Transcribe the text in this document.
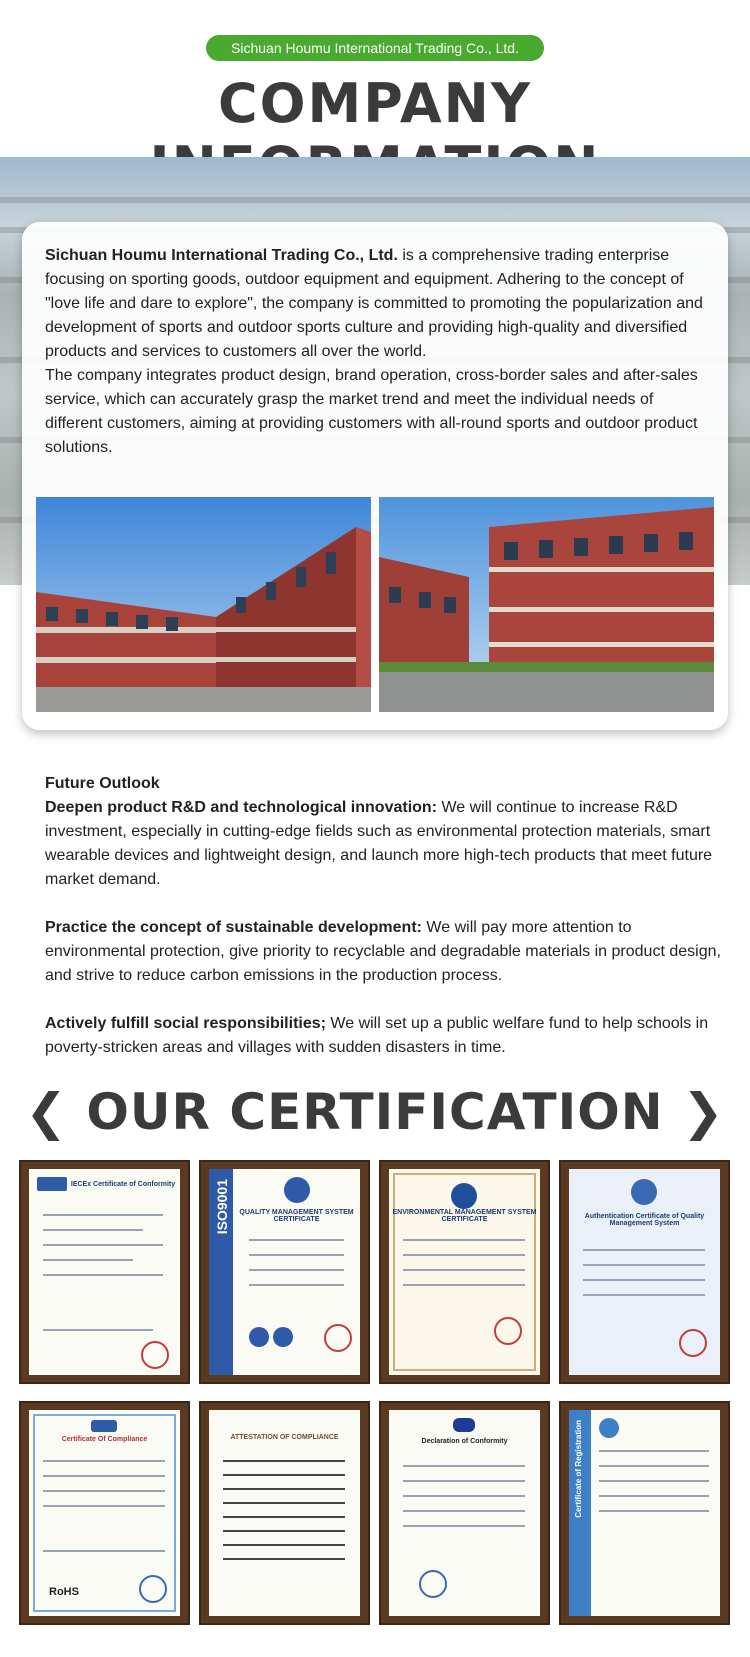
Sichuan Houmu International Trading Co., Ltd.
COMPANY

Sichuan Houmu International Trading Co., Ltd. is a comprehensive trading enterprise focusing on sporting goods, outdoor equipment and equipment. Adhering to the concept of "love life and dare to explore", the company is committed to promoting the popularization and development of sports and outdoor sports culture and providing high-quality and diversified products and services to customers all over the world.

The company integrates product design, brand operation, cross-border sales and after-sales service, which can accurately grasp the market trend and meet the individual needs of different customers, aiming at providing customers with all-round sports and outdoor product solutions.

Future Outlook

Deepen product R&D and technological innovation: We will continue to increase R&D investment, especially in cutting-edge fields such as environmental protection materials, smart wearable devices and lightweight design, and launch more high-tech products that meet future market demand.

Practice the concept of sustainable development: We will pay more attention to environmental protection, give priority to recyclable and degradable materials in product design, and strive to reduce carbon emissions in the production process.

Actively fulfill social responsibilities; We will set up a public welfare fund to help schools in poverty-stricken areas and villages with sudden disasters in time.

❮ OUR CERTIFICATION ❯
IECEx Certificate of Conformity	ISO9001	QUALITY MANAGEMENT SYSTEM CERTIFICATE
ENVIRONMENTAL MANAGEMENT SYSTEM CERTIFICATE	Authentication Certificate of Quality Management System
Certificate Of Compliance
RoHS
ATTESTATION OF COMPLIANCE
Declaration of Conformity	Certificate of Registration
